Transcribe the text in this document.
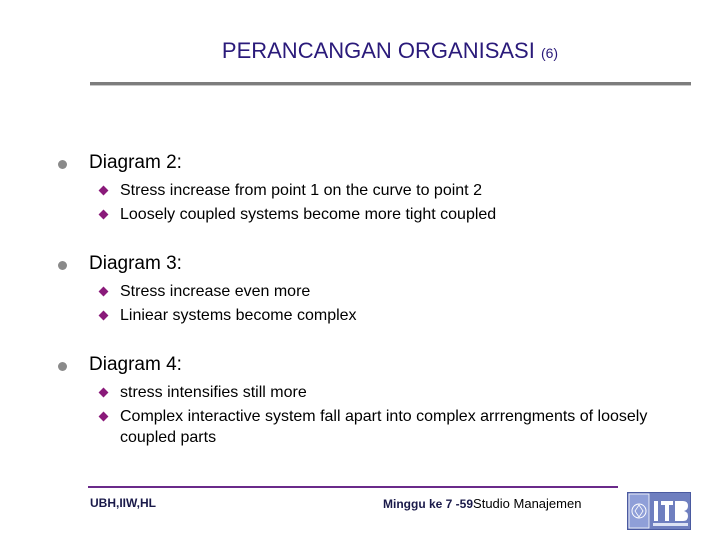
PERANCANGAN ORGANISASI (6)
Diagram 2:
Stress increase from point 1 on the curve to point 2
Loosely coupled systems become more tight coupled
Diagram 3:
Stress increase even more
Liniear systems become complex
Diagram 4:
stress intensifies still more
Complex interactive system fall apart into complex arrrengments of loosely coupled parts
UBH,IIW,HL	Minggu ke 7 -59Studio Manajemen
